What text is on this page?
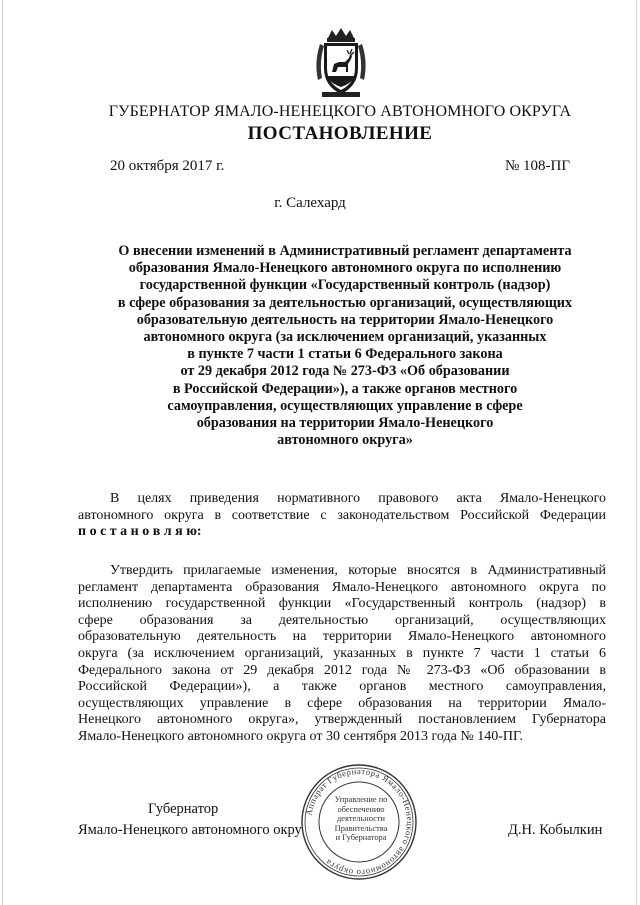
ГУБЕРНАТОР ЯМАЛО-НЕНЕЦКОГО АВТОНОМНОГО ОКРУГА
ПОСТАНОВЛЕНИЕ
20 октября 2017 г.	№ 108-ПГ
г. Салехард
О внесении изменений в Административный регламент департамента
образования Ямало-Ненецкого автономного округа по исполнению
государственной функции «Государственный контроль (надзор)
в сфере образования за деятельностью организаций, осуществляющих
образовательную деятельность на территории Ямало-Ненецкого
автономного округа (за исключением организаций, указанных
в пункте 7 части 1 статьи 6 Федерального закона
от 29 декабря 2012 года № 273-ФЗ «Об образовании
в Российской Федерации»), а также органов местного
самоуправления, осуществляющих управление в сфере
образования на территории Ямало-Ненецкого
автономного округа»
В целях приведения нормативного правового акта Ямало-Ненецкого
автономного округа в соответствие с законодательством Российской Федерации
п о с т а н о в л я ю:
Утвердить прилагаемые изменения, которые вносятся в Административный
регламент департамента образования Ямало-Ненецкого автономного округа по
исполнению государственной функции «Государственный контроль (надзор) в
сфере образования за деятельностью организаций, осуществляющих
образовательную деятельность на территории Ямало-Ненецкого автономного
округа (за исключением организаций, указанных в пункте 7 части 1 статьи 6
Федерального закона от 29 декабря 2012 года № 273-ФЗ «Об образовании в
Российской Федерации»), а также органов местного самоуправления,
осуществляющих управление в сфере образования на территории Ямало-
Ненецкого автономного округа», утвержденный постановлением Губернатора
Ямало-Ненецкого автономного округа от 30 сентября 2013 года № 140-ПГ.
Губернатор
Ямало-Ненецкого автономного окру	Д.Н. Кобылкин
Аппарат Губернатора Ямало-Ненецкого автономного округа
Управление по
обеспечению
деятельности
Правительства
и Губернатора
